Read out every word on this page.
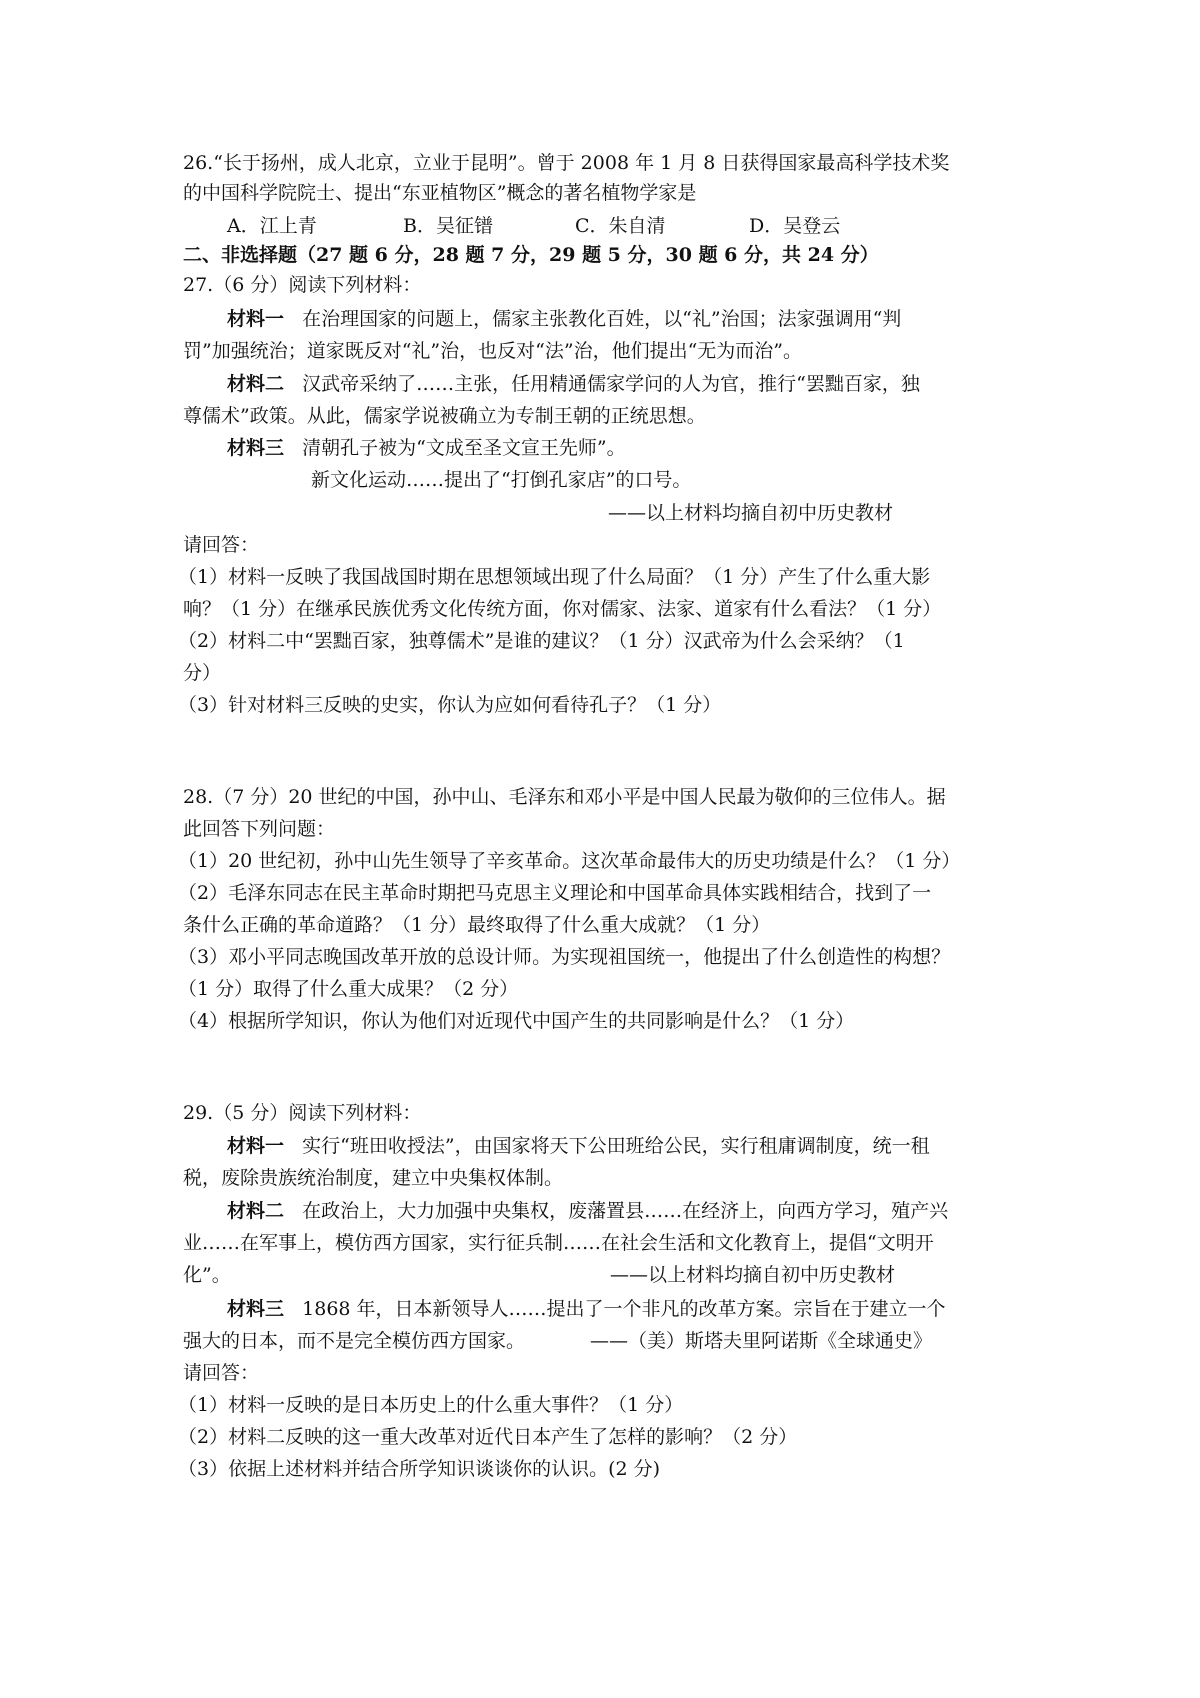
26.“长于扬州，成人北京，立业于昆明”。曾于 2008 年 1 月 8 日获得国家最高科学技术奖
的中国科学院院士、提出“东亚植物区”概念的著名植物学家是
A．江上青	B．吴征镨	C．朱自清	D．吴登云
二、非选择题（27 题 6 分，28 题 7 分，29 题 5 分，30 题 6 分，共 24 分）
27.（6 分）阅读下列材料：
材料一 在治理国家的问题上，儒家主张教化百姓，以“礼”治国；法家强调用“判
罚”加强统治；道家既反对“礼”治，也反对“法”治，他们提出“无为而治”。
材料二 汉武帝采纳了……主张，任用精通儒家学问的人为官，推行“罢黜百家，独
尊儒术”政策。从此，儒家学说被确立为专制王朝的正统思想。
材料三 清朝孔子被为“文成至圣文宣王先师”。
新文化运动……提出了“打倒孔家店”的口号。
——以上材料均摘自初中历史教材
请回答：
（1）材料一反映了我国战国时期在思想领域出现了什么局面？（1 分）产生了什么重大影
响？（1 分）在继承民族优秀文化传统方面，你对儒家、法家、道家有什么看法？（1 分）
（2）材料二中“罢黜百家，独尊儒术”是谁的建议？（1 分）汉武帝为什么会采纳？（1
分）
（3）针对材料三反映的史实，你认为应如何看待孔子？（1 分）
28.（7 分）20 世纪的中国，孙中山、毛泽东和邓小平是中国人民最为敬仰的三位伟人。据
此回答下列问题：
（1）20 世纪初，孙中山先生领导了辛亥革命。这次革命最伟大的历史功绩是什么？（1 分）
（2）毛泽东同志在民主革命时期把马克思主义理论和中国革命具体实践相结合，找到了一
条什么正确的革命道路？（1 分）最终取得了什么重大成就？（1 分）
（3）邓小平同志晚国改革开放的总设计师。为实现祖国统一，他提出了什么创造性的构想？
（1 分）取得了什么重大成果？（2 分）
（4）根据所学知识，你认为他们对近现代中国产生的共同影响是什么？（1 分）
29.（5 分）阅读下列材料：
材料一 实行“班田收授法”，由国家将天下公田班给公民，实行租庸调制度，统一租
税，废除贵族统治制度，建立中央集权体制。
材料二 在政治上，大力加强中央集权，废藩置县……在经济上，向西方学习，殖产兴
业……在军事上，模仿西方国家，实行征兵制……在社会生活和文化教育上，提倡“文明开
化”。	——以上材料均摘自初中历史教材
材料三 1868 年，日本新领导人……提出了一个非凡的改革方案。宗旨在于建立一个
强大的日本，而不是完全模仿西方国家。	——（美）斯塔夫里阿诺斯《全球通史》
请回答：
（1）材料一反映的是日本历史上的什么重大事件？（1 分）
（2）材料二反映的这一重大改革对近代日本产生了怎样的影响？（2 分）
（3）依据上述材料并结合所学知识谈谈你的认识。(2 分)
